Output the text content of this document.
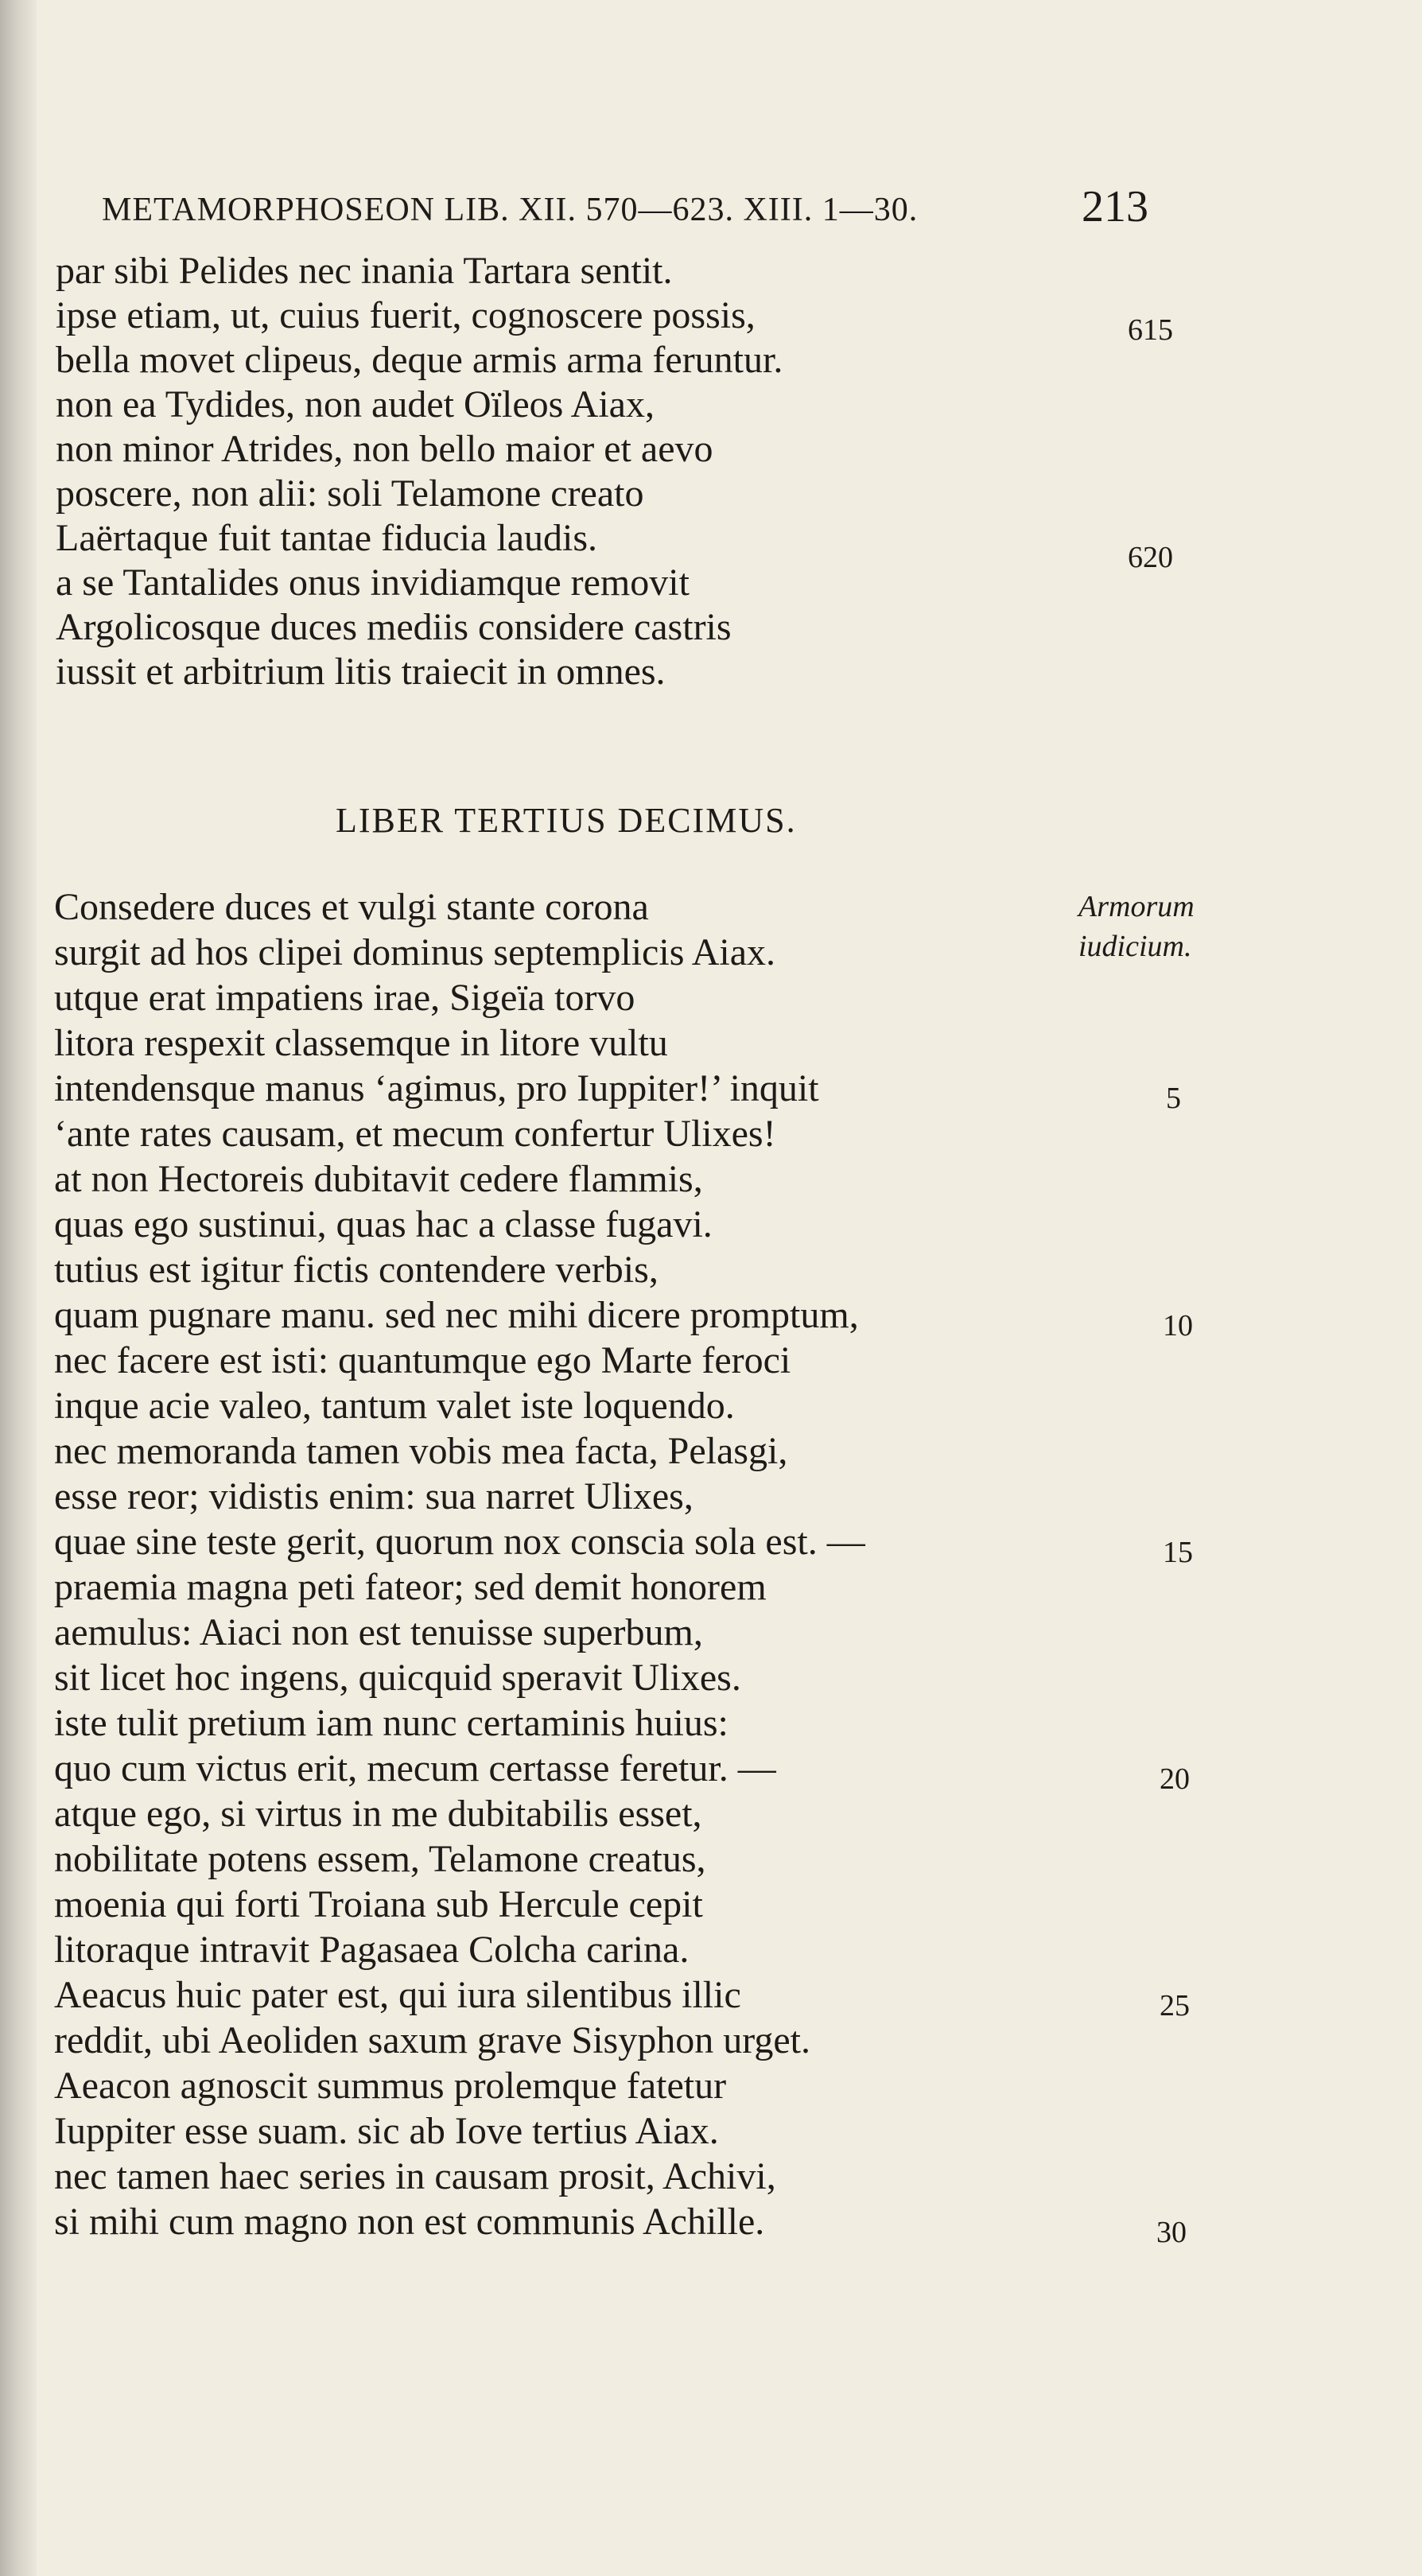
METAMORPHOSEON LIB. XII. 570—623. XIII. 1—30.	213
par sibi Pelides nec inania Tartara sentit.
ipse etiam, ut, cuius fuerit, cognoscere possis,
bella movet clipeus, deque armis arma feruntur.
non ea Tydides, non audet Oïleos Aiax,
non minor Atrides, non bello maior et aevo
poscere, non alii: soli Telamone creato
Laërtaque fuit tantae fiducia laudis.
a se Tantalides onus invidiamque removit
Argolicosque duces mediis considere castris
iussit et arbitrium litis traiecit in omnes.
615
620
LIBER TERTIUS DECIMUS.
Armorum
iudicium.
Consedere duces et vulgi stante corona
surgit ad hos clipei dominus septemplicis Aiax.
utque erat impatiens irae, Sigeïa torvo
litora respexit classemque in litore vultu
intendensque manus ‘agimus, pro Iuppiter!’ inquit
‘ante rates causam, et mecum confertur Ulixes!
at non Hectoreis dubitavit cedere flammis,
quas ego sustinui, quas hac a classe fugavi.
tutius est igitur fictis contendere verbis,
quam pugnare manu. sed nec mihi dicere promptum,
nec facere est isti: quantumque ego Marte feroci
inque acie valeo, tantum valet iste loquendo.
nec memoranda tamen vobis mea facta, Pelasgi,
esse reor; vidistis enim: sua narret Ulixes,
quae sine teste gerit, quorum nox conscia sola est. —
praemia magna peti fateor; sed demit honorem
aemulus: Aiaci non est tenuisse superbum,
sit licet hoc ingens, quicquid speravit Ulixes.
iste tulit pretium iam nunc certaminis huius:
quo cum victus erit, mecum certasse feretur. —
atque ego, si virtus in me dubitabilis esset,
nobilitate potens essem, Telamone creatus,
moenia qui forti Troiana sub Hercule cepit
litoraque intravit Pagasaea Colcha carina.
Aeacus huic pater est, qui iura silentibus illic
reddit, ubi Aeoliden saxum grave Sisyphon urget.
Aeacon agnoscit summus prolemque fatetur
Iuppiter esse suam. sic ab Iove tertius Aiax.
nec tamen haec series in causam prosit, Achivi,
si mihi cum magno non est communis Achille.
5
10
15
20
25
30
